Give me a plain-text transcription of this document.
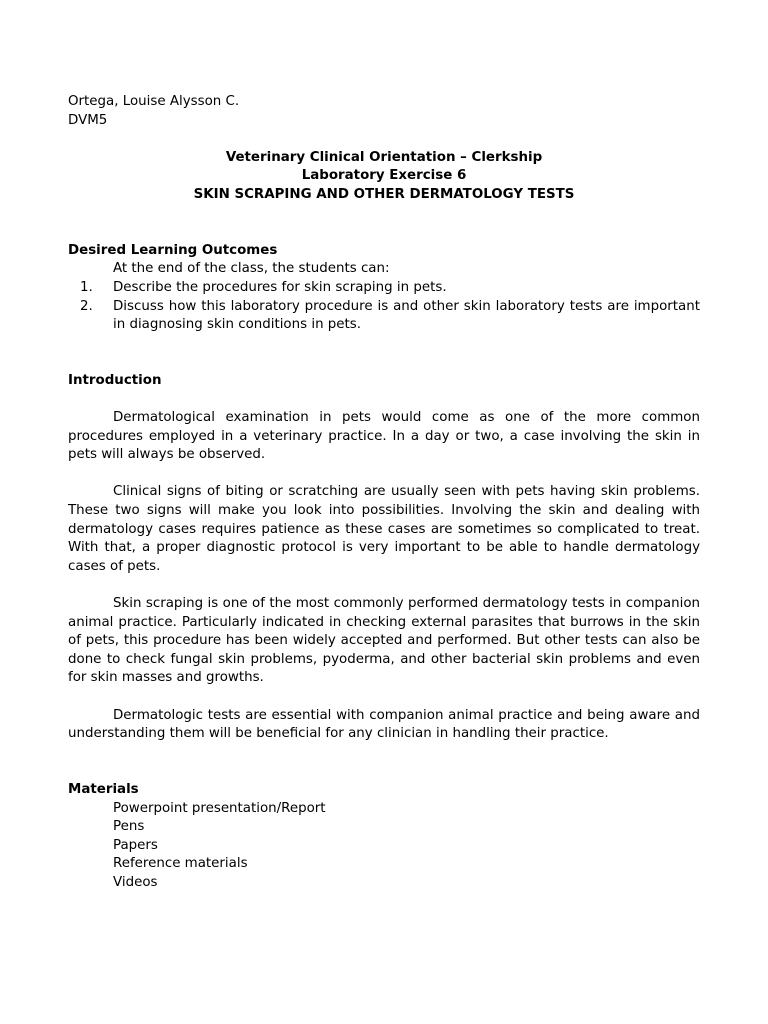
Ortega, Louise Alysson C.
DVM5
Veterinary Clinical Orientation – Clerkship
Laboratory Exercise 6
SKIN SCRAPING AND OTHER DERMATOLOGY TESTS
Desired Learning Outcomes
At the end of the class, the students can:
1. Describe the procedures for skin scraping in pets.
2. Discuss how this laboratory procedure is and other skin laboratory tests are important in diagnosing skin conditions in pets.
Introduction

Dermatological examination in pets would come as one of the more common procedures employed in a veterinary practice. In a day or two, a case involving the skin in pets will always be observed.

Clinical signs of biting or scratching are usually seen with pets having skin problems. These two signs will make you look into possibilities. Involving the skin and dealing with dermatology cases requires patience as these cases are sometimes so complicated to treat. With that, a proper diagnostic protocol is very important to be able to handle dermatology cases of pets.

Skin scraping is one of the most commonly performed dermatology tests in companion animal practice. Particularly indicated in checking external parasites that burrows in the skin of pets, this procedure has been widely accepted and performed. But other tests can also be done to check fungal skin problems, pyoderma, and other bacterial skin problems and even for skin masses and growths.

Dermatologic tests are essential with companion animal practice and being aware and understanding them will be beneficial for any clinician in handling their practice.

Materials
Powerpoint presentation/Report
Pens
Papers
Reference materials
Videos
